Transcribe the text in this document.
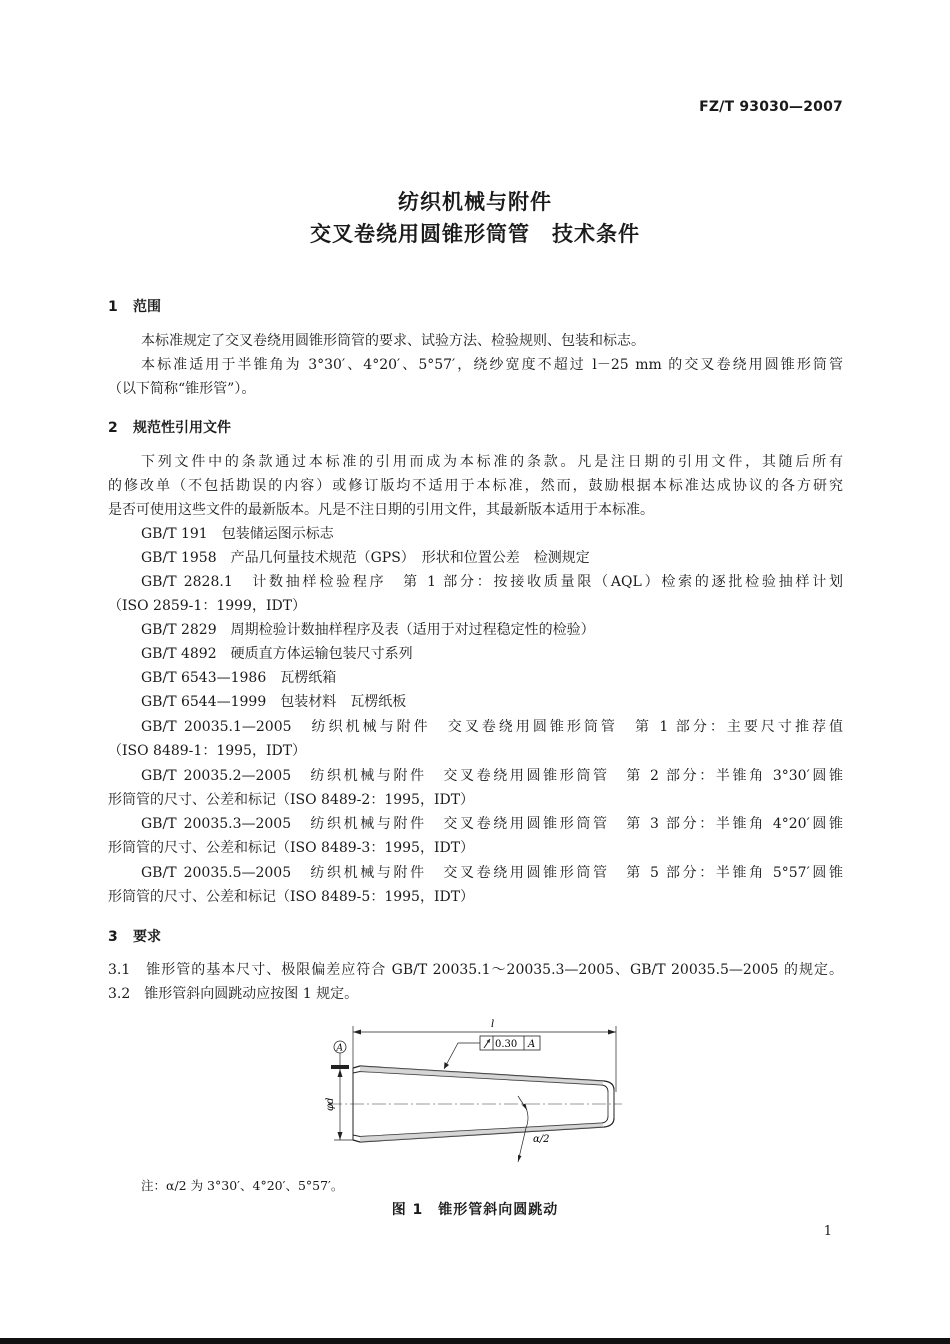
FZ/T 93030—2007
纺织机械与附件
交叉卷绕用圆锥形筒管　技术条件
1 范围
本标准规定了交叉卷绕用圆锥形筒管的要求、试验方法、检验规则、包装和标志。
本标准适用于半锥角为 3°30′、4°20′、5°57′，绕纱宽度不超过 l－25 mm 的交叉卷绕用圆锥形筒管
（以下简称“锥形管”）。
2 规范性引用文件
下列文件中的条款通过本标准的引用而成为本标准的条款。凡是注日期的引用文件，其随后所有
的修改单（不包括勘误的内容）或修订版均不适用于本标准，然而，鼓励根据本标准达成协议的各方研究
是否可使用这些文件的最新版本。凡是不注日期的引用文件，其最新版本适用于本标准。
GB/T 191　包装储运图示标志
GB/T 1958　产品几何量技术规范（GPS）　形状和位置公差　检测规定
GB/T 2828.1　计数抽样检验程序　第 1 部分：按接收质量限（AQL）检索的逐批检验抽样计划
（ISO 2859-1：1999，IDT）
GB/T 2829　周期检验计数抽样程序及表（适用于对过程稳定性的检验）
GB/T 4892　硬质直方体运输包装尺寸系列
GB/T 6543—1986　瓦楞纸箱
GB/T 6544—1999　包装材料　瓦楞纸板
GB/T 20035.1—2005　纺织机械与附件　交叉卷绕用圆锥形筒管　第 1 部分：主要尺寸推荐值
（ISO 8489-1：1995，IDT）
GB/T 20035.2—2005　纺织机械与附件　交叉卷绕用圆锥形筒管　第 2 部分：半锥角 3°30′圆锥
形筒管的尺寸、公差和标记（ISO 8489-2：1995，IDT）
GB/T 20035.3—2005　纺织机械与附件　交叉卷绕用圆锥形筒管　第 3 部分：半锥角 4°20′圆锥
形筒管的尺寸、公差和标记（ISO 8489-3：1995，IDT）
GB/T 20035.5—2005　纺织机械与附件　交叉卷绕用圆锥形筒管　第 5 部分：半锥角 5°57′圆锥
形筒管的尺寸、公差和标记（ISO 8489-5：1995，IDT）
3 要求
3.1　锥形管的基本尺寸、极限偏差应符合 GB/T 20035.1～20035.3—2005、GB/T 20035.5—2005 的规定。
3.2　锥形管斜向圆跳动应按图 1 规定。
l
A	0.30 A
φd
α/2
注：α/2 为 3°30′、4°20′、5°57′。
图 1　锥形管斜向圆跳动
1
